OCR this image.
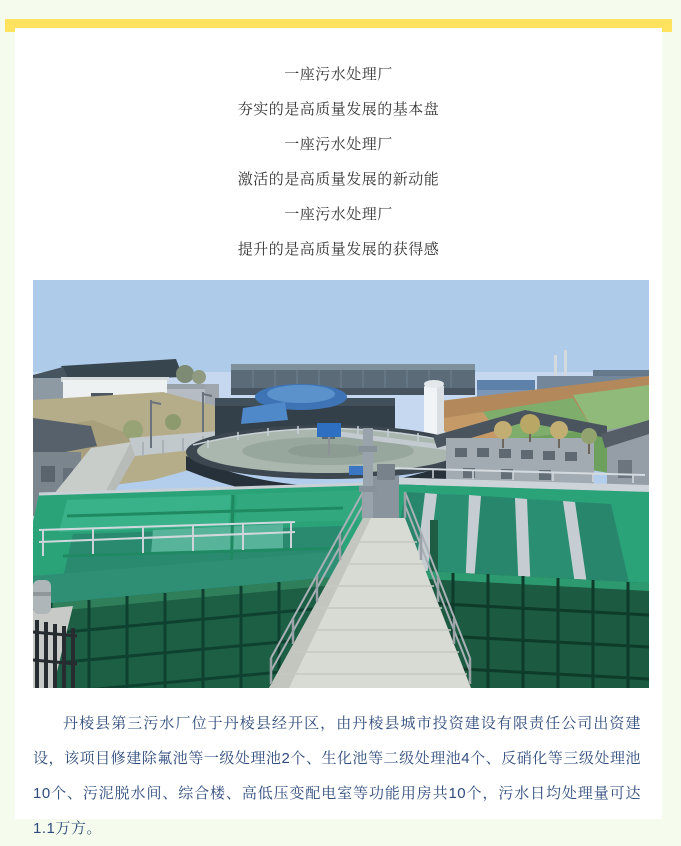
一座污水处理厂

夯实的是高质量发展的基本盘

一座污水处理厂

激活的是高质量发展的新动能

一座污水处理厂

提升的是高质量发展的获得感

丹棱县第三污水厂位于丹棱县经开区，由丹棱县城市投资建设有限责任公司出资建设，该项目修建除氟池等一级处理池2个、生化池等二级处理池4个、反硝化等三级处理池10个、污泥脱水间、综合楼、高低压变配电室等功能用房共10个，污水日均处理量可达1.1万方。
